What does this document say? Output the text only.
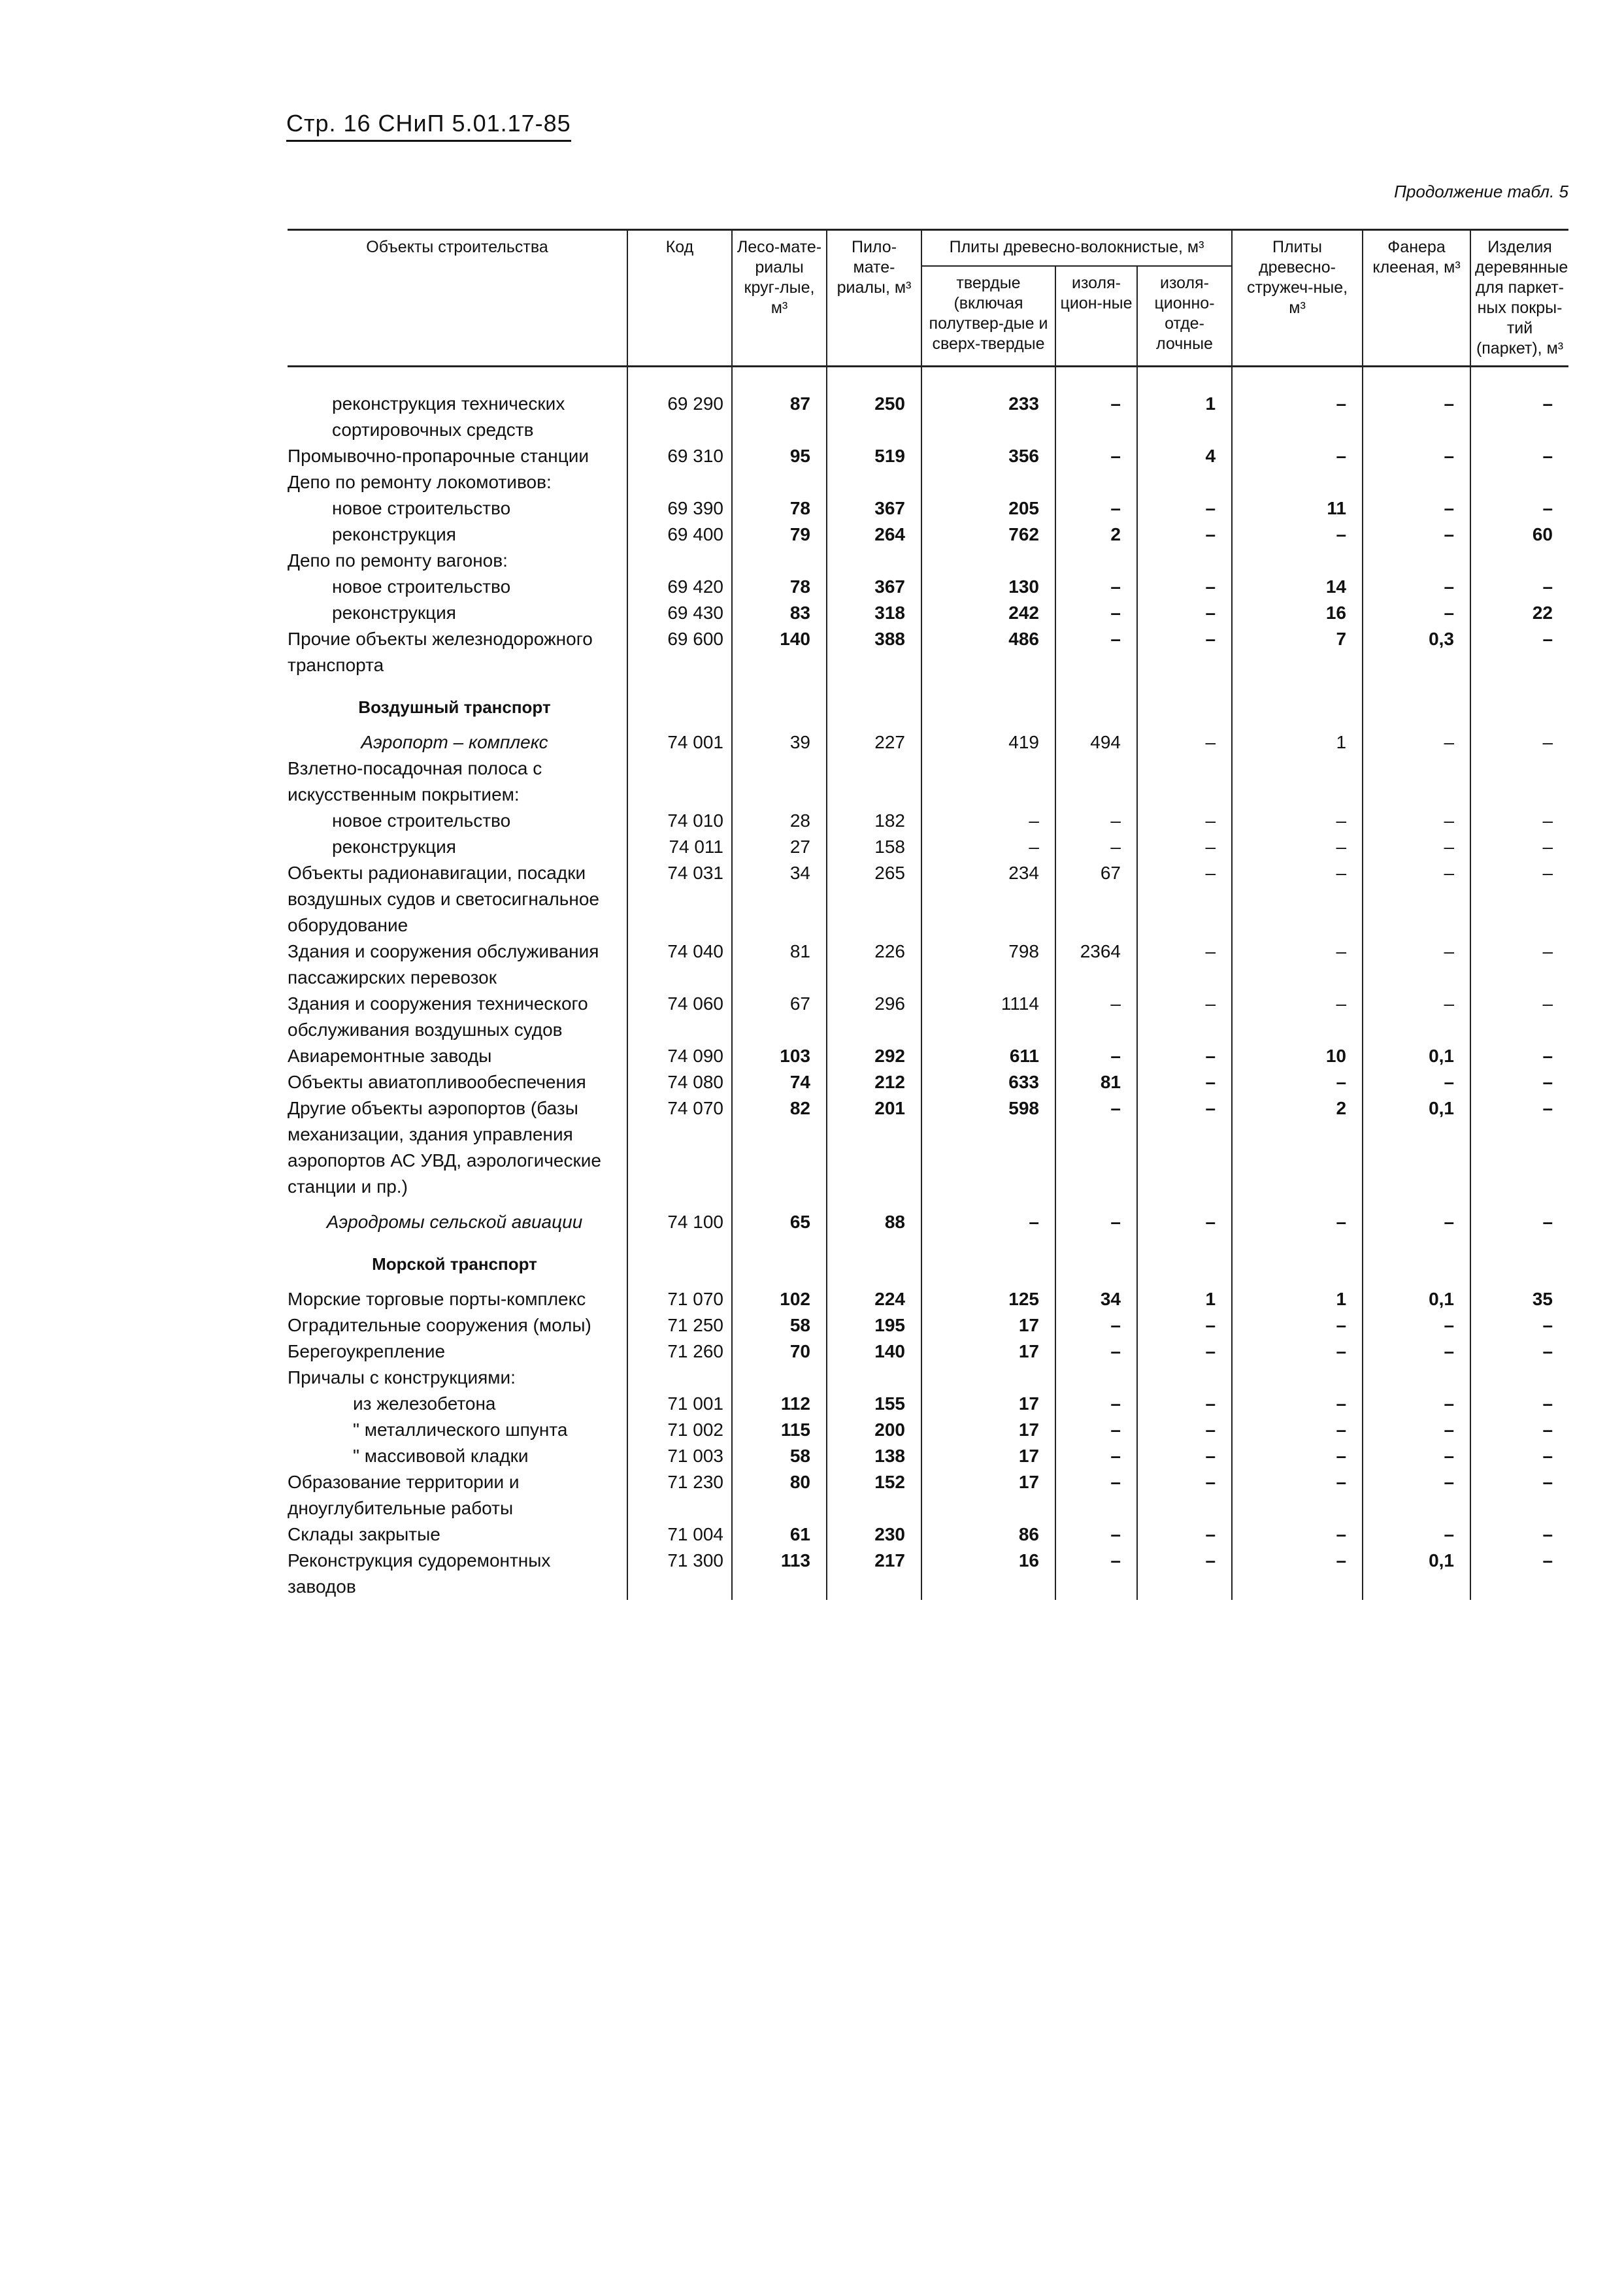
Стр. 16 СНиП 5.01.17-85
Продолжение табл. 5
Объекты строительства	Код	Лесо-мате-риалы круг-лые, м³	Пило-мате-риалы, м³	Плиты древесно-волокнистые, м³			Плиты древесно-стружеч-ные, м³	Фанера клееная, м³	Изделия деревянные для паркет-ных покры-тий (паркет), м³
				твердые (включая полутвер-дые и сверх-твердые	изоля-цион-ные	изоля-ционно-отде-лочные			

реконструкция технических сортировочных средств	69 290	87	250	233	–	1	–	–	–
Промывочно-пропарочные станции	69 310	95	519	356	–	4	–	–	–
Депо по ремонту локомотивов:									
новое строительство	69 390	78	367	205	–	–	11	–	–
реконструкция	69 400	79	264	762	2	–	–	–	60
Депо по ремонту вагонов:									
новое строительство	69 420	78	367	130	–	–	14	–	–
реконструкция	69 430	83	318	242	–	–	16	–	22
Прочие объекты железнодорожного транспорта	69 600	140	388	486	–	–	7	0,3	–
Воздушный транспорт									
Аэропорт – комплекс	74 001	39	227	419	494	–	1	–	–
Взлетно-посадочная полоса с искусственным покрытием:									
новое строительство	74 010	28	182	–	–	–	–	–	–
реконструкция	74 011	27	158	–	–	–	–	–	–
Объекты радионавигации, посадки воздушных судов и светосигнальное оборудование	74 031	34	265	234	67	–	–	–	–
Здания и сооружения обслуживания пассажирских перевозок	74 040	81	226	798	2364	–	–	–	–
Здания и сооружения технического обслуживания воздушных судов	74 060	67	296	1114	–	–	–	–	–
Авиаремонтные заводы	74 090	103	292	611	–	–	10	0,1	–
Объекты авиатопливообеспечения	74 080	74	212	633	81	–	–	–	–
Другие объекты аэропортов (базы механизации, здания управления аэропортов АС УВД, аэрологические станции и пр.)	74 070	82	201	598	–	–	2	0,1	–
Аэродромы сельской авиации	74 100	65	88	–	–	–	–	–	–
Морской транспорт									
Морские торговые порты-комплекс	71 070	102	224	125	34	1	1	0,1	35
Оградительные сооружения (молы)	71 250	58	195	17	–	–	–	–	–
Берегоукрепление	71 260	70	140	17	–	–	–	–	–
Причалы с конструкциями:									
из железобетона	71 001	112	155	17	–	–	–	–	–
" металлического шпунта	71 002	115	200	17	–	–	–	–	–
" массивовой кладки	71 003	58	138	17	–	–	–	–	–
Образование территории и дноуглубительные работы	71 230	80	152	17	–	–	–	–	–
Склады закрытые	71 004	61	230	86	–	–	–	–	–
Реконструкция судоремонтных заводов	71 300	113	217	16	–	–	–	0,1	–
